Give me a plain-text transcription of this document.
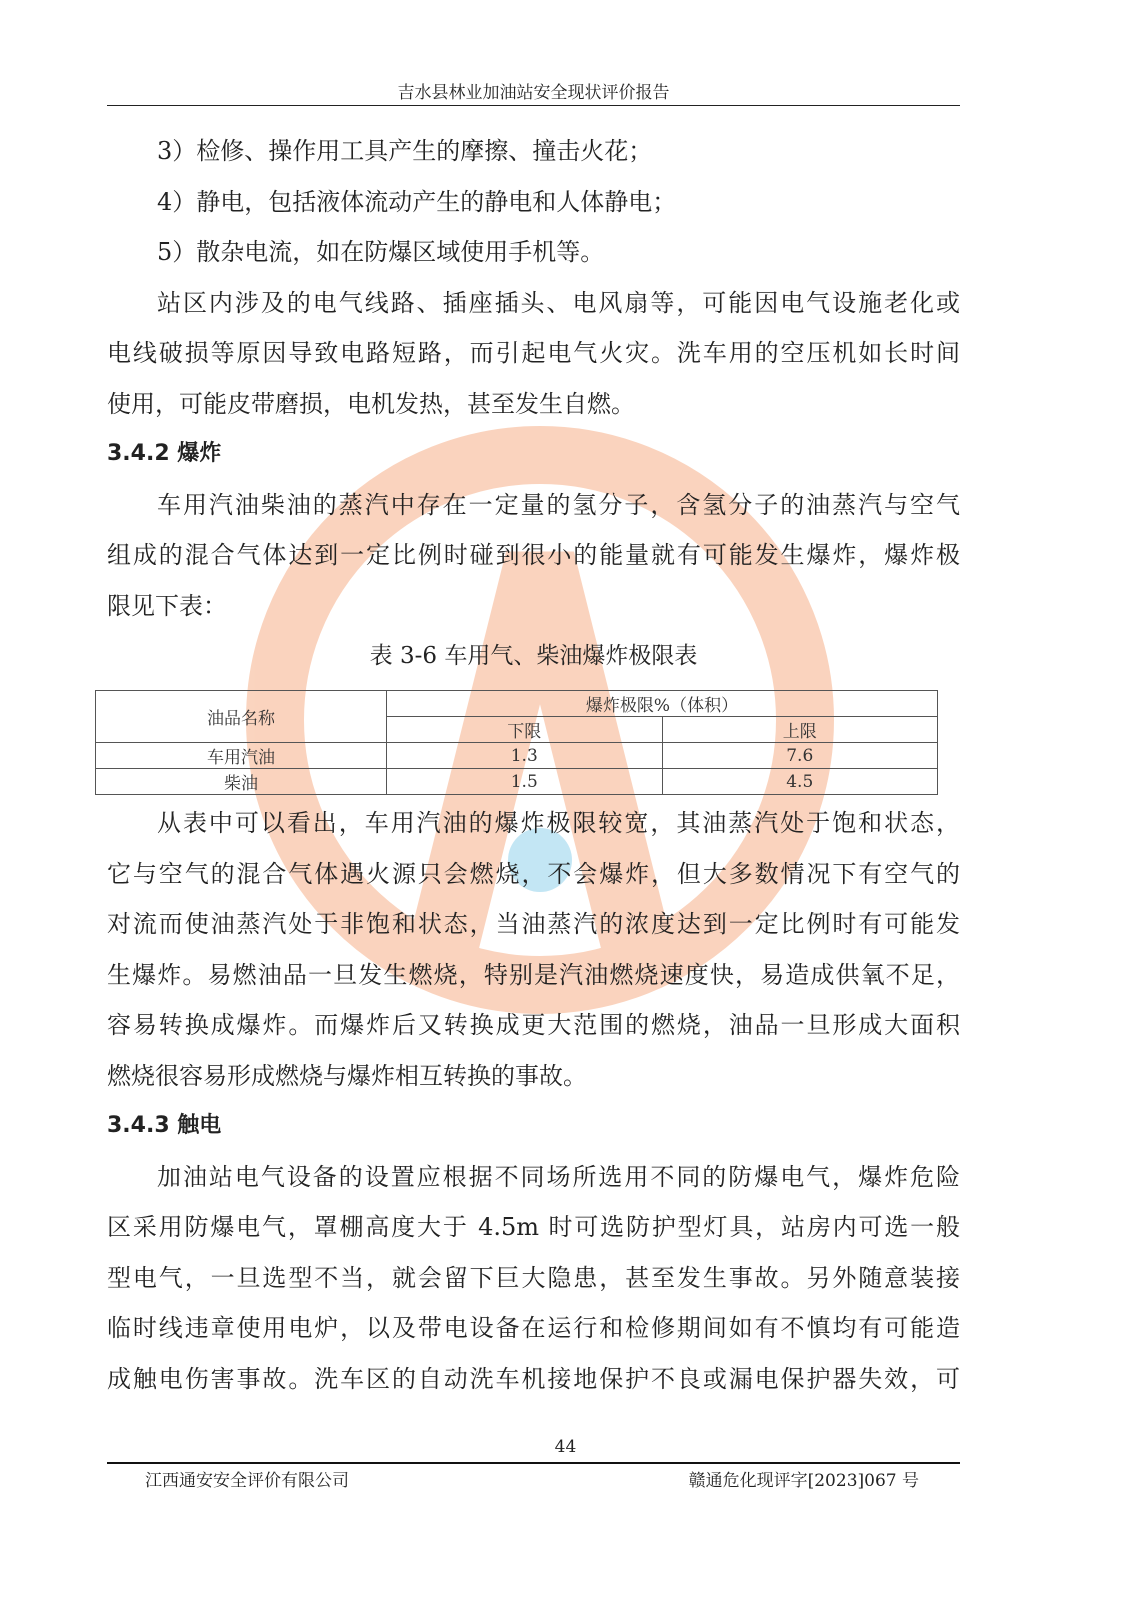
吉水县林业加油站安全现状评价报告
3）检修、操作用工具产生的摩擦、撞击火花；
4）静电，包括液体流动产生的静电和人体静电；
5）散杂电流，如在防爆区域使用手机等。
站区内涉及的电气线路、插座插头、电风扇等，可能因电气设施老化或
电线破损等原因导致电路短路，而引起电气火灾。洗车用的空压机如长时间
使用，可能皮带磨损，电机发热，甚至发生自燃。
3.4.2 爆炸
车用汽油柴油的蒸汽中存在一定量的氢分子，含氢分子的油蒸汽与空气
组成的混合气体达到一定比例时碰到很小的能量就有可能发生爆炸，爆炸极
限见下表：
表 3-6 车用气、柴油爆炸极限表
从表中可以看出，车用汽油的爆炸极限较宽，其油蒸汽处于饱和状态，
它与空气的混合气体遇火源只会燃烧，不会爆炸，但大多数情况下有空气的
对流而使油蒸汽处于非饱和状态，当油蒸汽的浓度达到一定比例时有可能发
生爆炸。易燃油品一旦发生燃烧，特别是汽油燃烧速度快，易造成供氧不足，
容易转换成爆炸。而爆炸后又转换成更大范围的燃烧，油品一旦形成大面积
燃烧很容易形成燃烧与爆炸相互转换的事故。
3.4.3 触电
加油站电气设备的设置应根据不同场所选用不同的防爆电气，爆炸危险
区采用防爆电气，罩棚高度大于 4.5m 时可选防护型灯具，站房内可选一般
型电气，一旦选型不当，就会留下巨大隐患，甚至发生事故。另外随意装接
临时线违章使用电炉，以及带电设备在运行和检修期间如有不慎均有可能造
成触电伤害事故。洗车区的自动洗车机接地保护不良或漏电保护器失效，可
油品名称	爆炸极限%（体积）	
	下限	上限
车用汽油	1.3	7.6
柴油	1.5	4.5
44
江西通安安全评价有限公司	赣通危化现评字[2023]067 号
